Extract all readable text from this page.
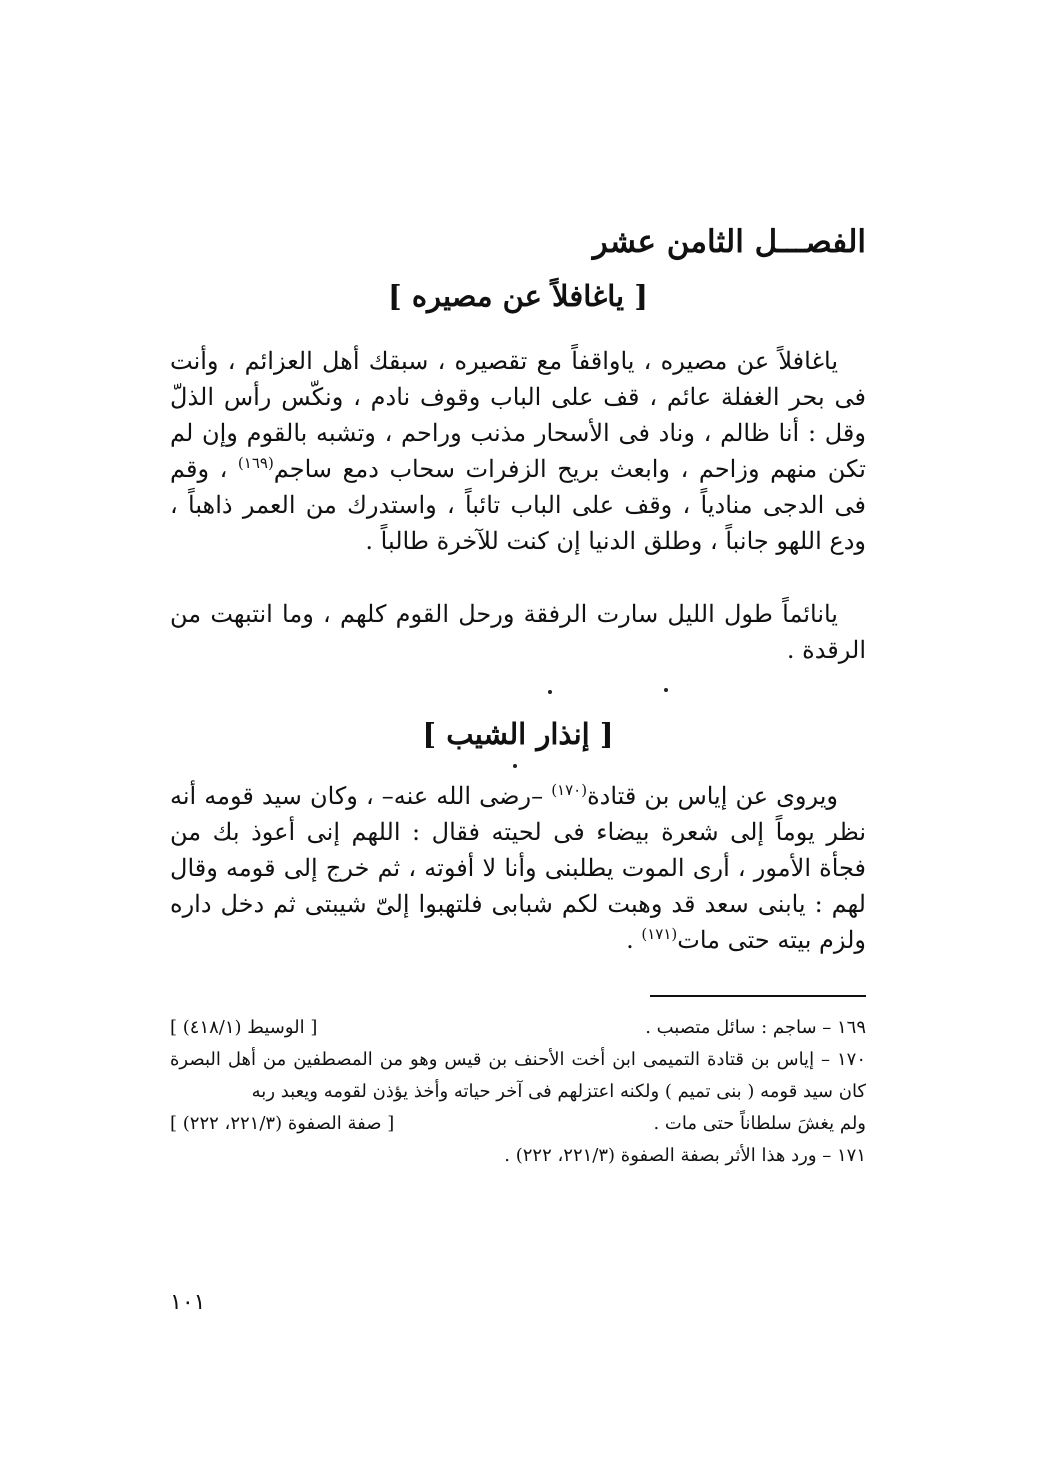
الفصـــل الثامن عشر
[ ياغافلاً عن مصيره ]

ياغافلاً عن مصيره ، ياواقفاً مع تقصيره ، سبقك أهل العزائم ، وأنت فى بحر الغفلة عائم ، قف على الباب وقوف نادم ، ونكّس رأس الذلّ وقل : أنا ظالم ، وناد فى الأسحار مذنب وراحم ، وتشبه بالقوم وإن لم تكن منهم وزاحم ، وابعث بريح الزفرات سحاب دمع ساجم$^{(١٦٩)}$ ، وقم فى الدجى منادياً ، وقف على الباب تائباً ، واستدرك من العمر ذاهباً ، ودع اللهو جانباً ، وطلق الدنيا إن كنت للآخرة طالباً .

يانائماً طول الليل سارت الرفقة ورحل القوم كلهم ، وما انتبهت من الرقدة .

[ إنذار الشيب ]

ويروى عن إياس بن قتادة$^{(١٧٠)}$ –رضى الله عنه– ، وكان سيد قومه أنه نظر يوماً إلى شعرة بيضاء فى لحيته فقال : اللهم إنى أعوذ بك من فجأة الأمور ، أرى الموت يطلبنى وأنا لا أفوته ، ثم خرج إلى قومه وقال لهم : يابنى سعد قد وهبت لكم شبابى فلتهبوا إلىّ شيبتى ثم دخل داره ولزم بيته حتى مات$^{(١٧١)}$ .

١٦٩ – ساجم : سائل متصبب .
[ الوسيط (٤١٨/١) ]
١٧٠ – إياس بن قتادة التميمى ابن أخت الأحنف بن قيس وهو من المصطفين من أهل البصرة كان سيد قومه ( بنى تميم ) ولكنه اعتزلهم فى آخر حياته وأخذ يؤذن لقومه ويعبد ربه
ولم يغشَ سلطاناً حتى مات .
[ صفة الصفوة (٢٢١/٣، ٢٢٢) ]
١٧١ – ورد هذا الأثر بصفة الصفوة (٢٢١/٣، ٢٢٢) .
١٠١
